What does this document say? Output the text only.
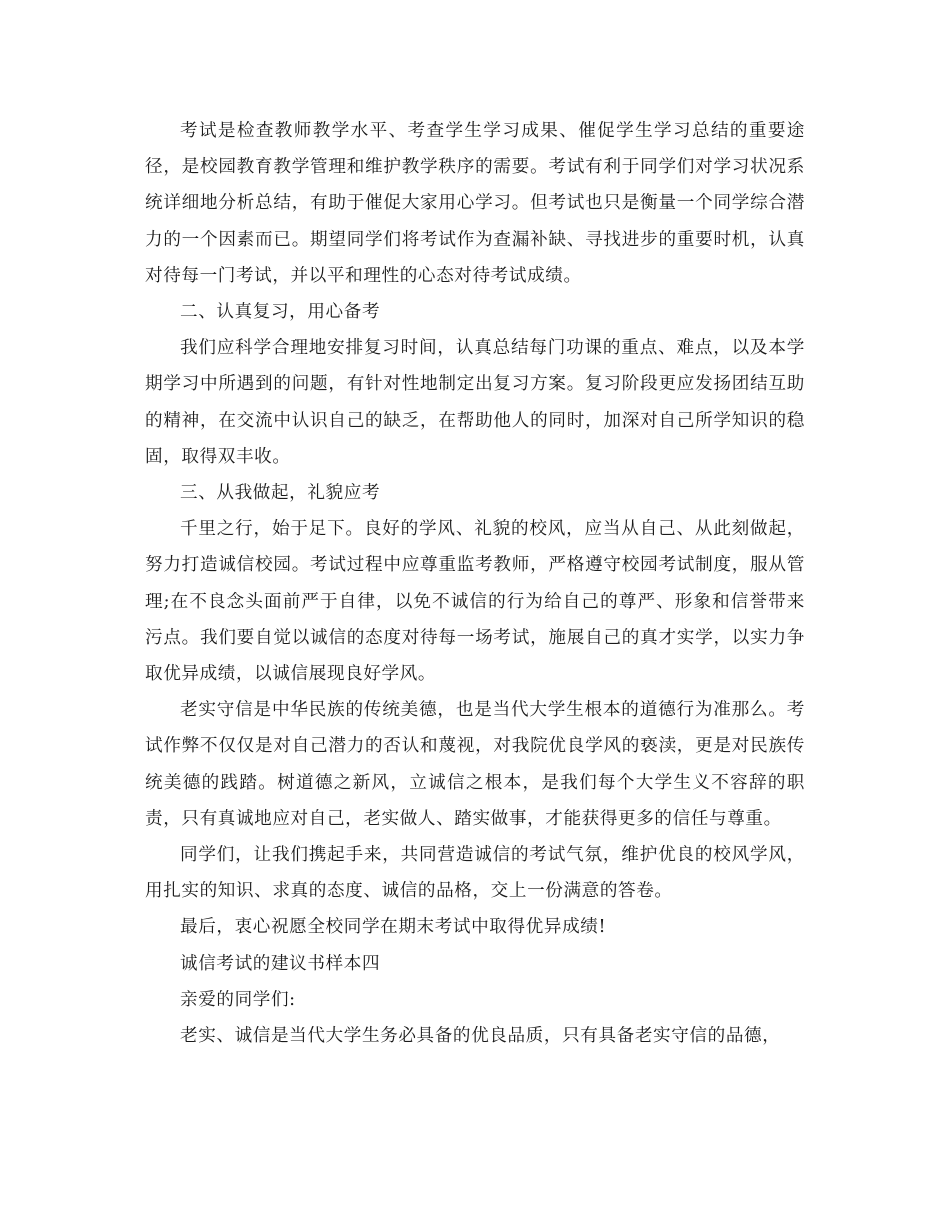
考试是检查教师教学水平、考查学生学习成果、催促学生学习总结的重要途径，是校园教育教学管理和维护教学秩序的需要。考试有利于同学们对学习状况系统详细地分析总结，有助于催促大家用心学习。但考试也只是衡量一个同学综合潜力的一个因素而已。期望同学们将考试作为查漏补缺、寻找进步的重要时机，认真对待每一门考试，并以平和理性的心态对待考试成绩。

二、认真复习，用心备考

我们应科学合理地安排复习时间，认真总结每门功课的重点、难点，以及本学期学习中所遇到的问题，有针对性地制定出复习方案。复习阶段更应发扬团结互助的精神，在交流中认识自己的缺乏，在帮助他人的同时，加深对自己所学知识的稳固，取得双丰收。

三、从我做起，礼貌应考

千里之行，始于足下。良好的学风、礼貌的校风，应当从自己、从此刻做起，努力打造诚信校园。考试过程中应尊重监考教师，严格遵守校园考试制度，服从管理;在不良念头面前严于自律，以免不诚信的行为给自己的尊严、形象和信誉带来污点。我们要自觉以诚信的态度对待每一场考试，施展自己的真才实学，以实力争取优异成绩，以诚信展现良好学风。

老实守信是中华民族的传统美德，也是当代大学生根本的道德行为准那么。考试作弊不仅仅是对自己潜力的否认和蔑视，对我院优良学风的亵渎，更是对民族传统美德的践踏。树道德之新风，立诚信之根本，是我们每个大学生义不容辞的职责，只有真诚地应对自己，老实做人、踏实做事，才能获得更多的信任与尊重。

同学们，让我们携起手来，共同营造诚信的考试气氛，维护优良的校风学风，用扎实的知识、求真的态度、诚信的品格，交上一份满意的答卷。

最后，衷心祝愿全校同学在期末考试中取得优异成绩!

诚信考试的建议书样本四

亲爱的同学们:

老实、诚信是当代大学生务必具备的优良品质，只有具备老实守信的品德，
